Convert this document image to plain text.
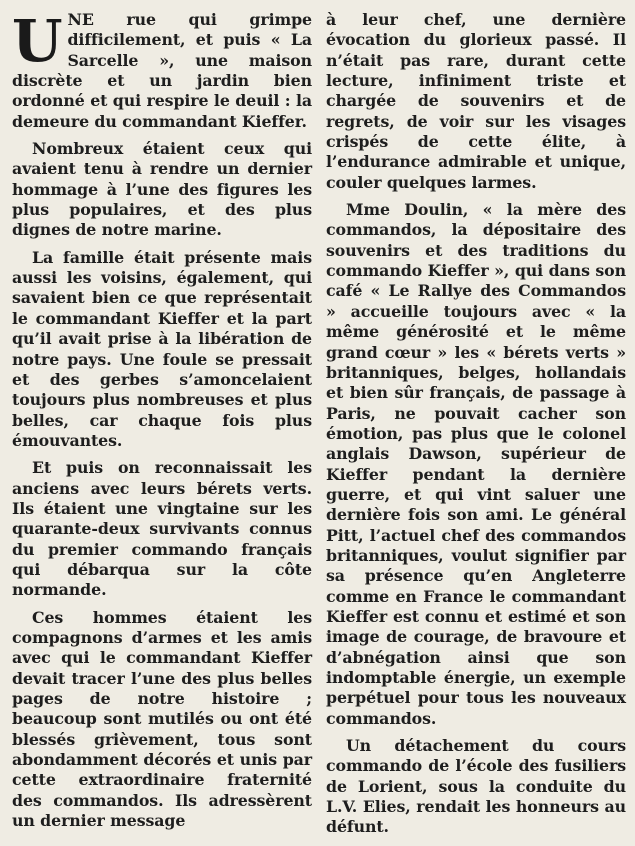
UNE rue qui grimpe difficilement, et puis « La Sarcelle », une maison discrète et un jardin bien ordonné et qui respire le deuil : la demeure du commandant Kieffer.

Nombreux étaient ceux qui avaient tenu à rendre un dernier hommage à l’une des figures les plus populaires, et des plus dignes de notre marine.

La famille était présente mais aussi les voisins, également, qui savaient bien ce que représentait le commandant Kieffer et la part qu’il avait prise à la libération de notre pays. Une foule se pressait et des gerbes s’amoncelaient toujours plus nombreuses et plus belles, car chaque fois plus émouvantes.

Et puis on reconnaissait les anciens avec leurs bérets verts. Ils étaient une vingtaine sur les quarante-deux survivants connus du premier commando français qui débarqua sur la côte normande.

Ces hommes étaient les compagnons d’armes et les amis avec qui le commandant Kieffer devait tracer l’une des plus belles pages de notre histoire ; beaucoup sont mutilés ou ont été blessés grièvement, tous sont abondamment décorés et unis par cette extraordinaire fraternité des commandos. Ils adressèrent un dernier message

à leur chef, une dernière évocation du glorieux passé. Il n’était pas rare, durant cette lecture, infiniment triste et chargée de souvenirs et de regrets, de voir sur les visages crispés de cette élite, à l’endurance admirable et unique, couler quelques larmes.

Mme Doulin, « la mère des commandos, la dépositaire des souvenirs et des traditions du commando Kieffer », qui dans son café « Le Rallye des Commandos » accueille toujours avec « la même générosité et le même grand cœur » les « bérets verts » britanniques, belges, hollandais et bien sûr français, de passage à Paris, ne pouvait cacher son émotion, pas plus que le colonel anglais Dawson, supérieur de Kieffer pendant la dernière guerre, et qui vint saluer une dernière fois son ami. Le général Pitt, l’actuel chef des commandos britanniques, voulut signifier par sa présence qu’en Angleterre comme en France le commandant Kieffer est connu et estimé et son image de courage, de bravoure et d’abnégation ainsi que son indomptable énergie, un exemple perpétuel pour tous les nouveaux commandos.

Un détachement du cours commando de l’école des fusiliers de Lorient, sous la conduite du L.V. Elies, rendait les honneurs au défunt.
